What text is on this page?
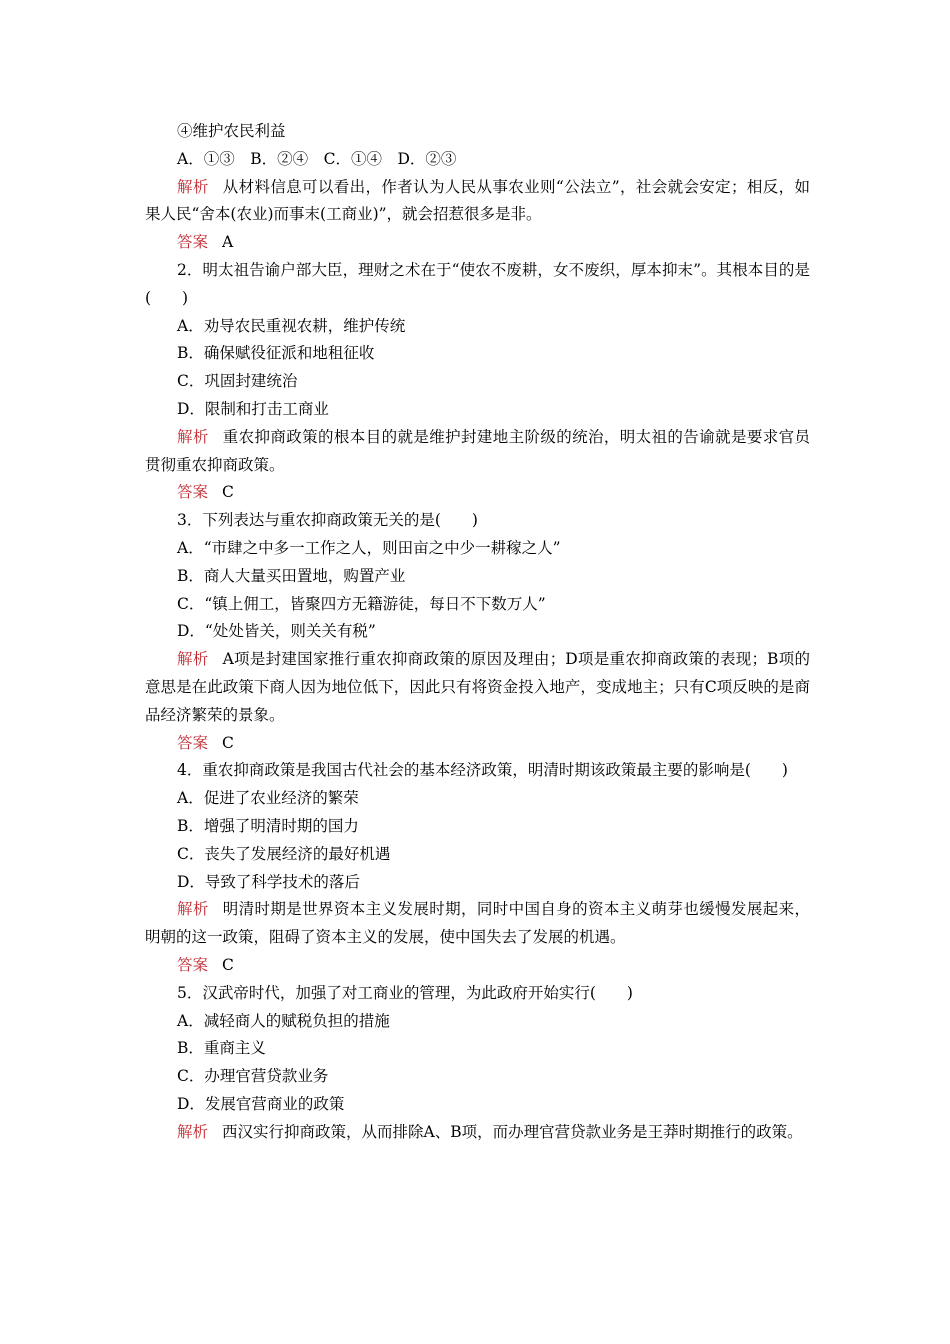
④维护农民利益
A．①③　B．②④　C．①④　D．②③

解析 从材料信息可以看出，作者认为人民从事农业则“公法立”，社会就会安定；相反，如果人民“舍本(农业)而事末(工商业)”，就会招惹很多是非。

答案 A

2．明太祖告谕户部大臣，理财之术在于“使农不废耕，女不废织，厚本抑末”。其根本目的是(　　)

A．劝导农民重视农耕，维护传统
B．确保赋役征派和地租征收
C．巩固封建统治
D．限制和打击工商业

解析 重农抑商政策的根本目的就是维护封建地主阶级的统治，明太祖的告谕就是要求官员贯彻重农抑商政策。

答案 C
3．下列表达与重农抑商政策无关的是(　　)
A．“市肆之中多一工作之人，则田亩之中少一耕稼之人”
B．商人大量买田置地，购置产业
C．“镇上佣工，皆聚四方无籍游徒，每日不下数万人”
D．“处处皆关，则关关有税”

解析 A项是封建国家推行重农抑商政策的原因及理由；D项是重农抑商政策的表现；B项的意思是在此政策下商人因为地位低下，因此只有将资金投入地产，变成地主；只有C项反映的是商品经济繁荣的景象。

答案 C

4．重农抑商政策是我国古代社会的基本经济政策，明清时期该政策最主要的影响是(　　)

A．促进了农业经济的繁荣
B．增强了明清时期的国力
C．丧失了发展经济的最好机遇
D．导致了科学技术的落后

解析 明清时期是世界资本主义发展时期，同时中国自身的资本主义萌芽也缓慢发展起来，明朝的这一政策，阻碍了资本主义的发展，使中国失去了发展的机遇。

答案 C
5．汉武帝时代，加强了对工商业的管理，为此政府开始实行(　　)
A．减轻商人的赋税负担的措施
B．重商主义
C．办理官营贷款业务
D．发展官营商业的政策

解析 西汉实行抑商政策，从而排除A、B项，而办理官营贷款业务是王莽时期推行的政策。
